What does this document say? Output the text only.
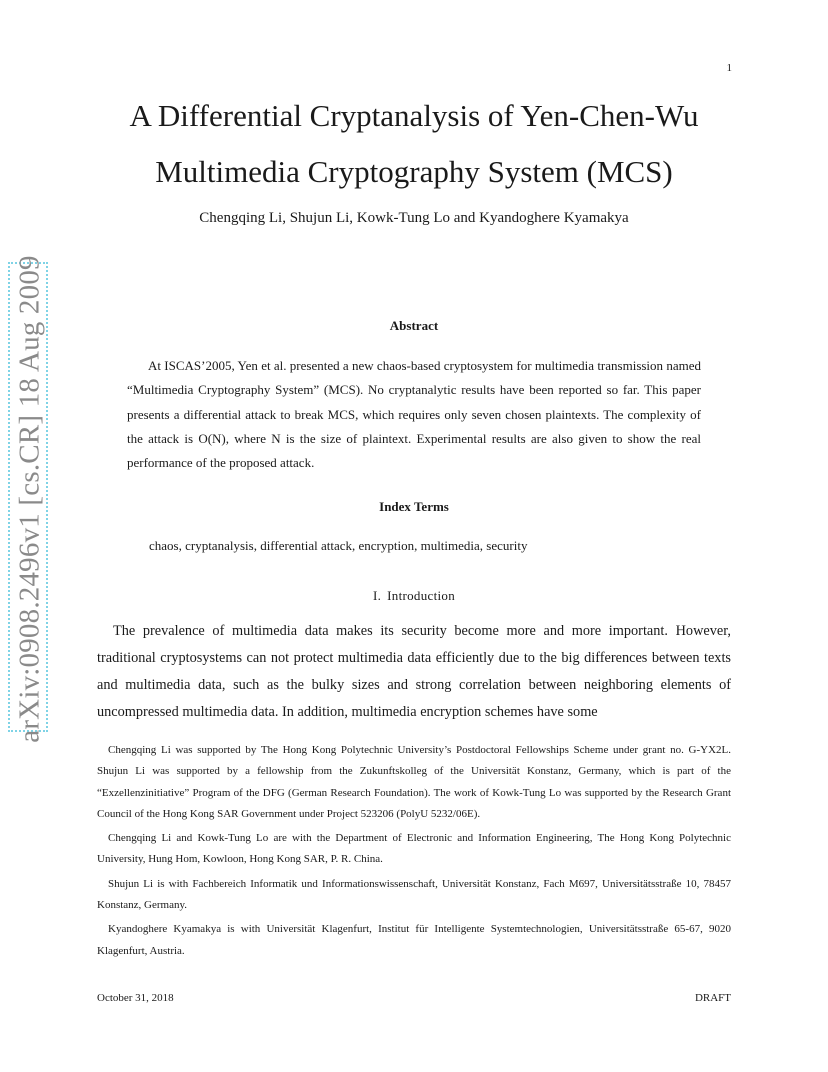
1
arXiv:0908.2496v1 [cs.CR] 18 Aug 2009
A Differential Cryptanalysis of Yen-Chen-Wu
Multimedia Cryptography System (MCS)
Chengqing Li, Shujun Li, Kowk-Tung Lo and Kyandoghere Kyamakya
Abstract

At ISCAS’2005, Yen et al. presented a new chaos-based cryptosystem for multimedia transmission named “Multimedia Cryptography System” (MCS). No cryptanalytic results have been reported so far. This paper presents a differential attack to break MCS, which requires only seven chosen plaintexts. The complexity of the attack is O(N), where N is the size of plaintext. Experimental results are also given to show the real performance of the proposed attack.

Index Terms
chaos, cryptanalysis, differential attack, encryption, multimedia, security
I. Introduction

The prevalence of multimedia data makes its security become more and more important. However, traditional cryptosystems can not protect multimedia data efficiently due to the big differences between texts and multimedia data, such as the bulky sizes and strong correlation between neighboring elements of uncompressed multimedia data. In addition, multimedia encryption schemes have some

Chengqing Li was supported by The Hong Kong Polytechnic University’s Postdoctoral Fellowships Scheme under grant no. G-YX2L. Shujun Li was supported by a fellowship from the Zukunftskolleg of the Universität Konstanz, Germany, which is part of the “Exzellenzinitiative” Program of the DFG (German Research Foundation). The work of Kowk-Tung Lo was supported by the Research Grant Council of the Hong Kong SAR Government under Project 523206 (PolyU 5232/06E).

Chengqing Li and Kowk-Tung Lo are with the Department of Electronic and Information Engineering, The Hong Kong Polytechnic University, Hung Hom, Kowloon, Hong Kong SAR, P. R. China.

Shujun Li is with Fachbereich Informatik und Informationswissenschaft, Universität Konstanz, Fach M697, Universitätsstraße 10, 78457 Konstanz, Germany.

Kyandoghere Kyamakya is with Universität Klagenfurt, Institut für Intelligente Systemtechnologien, Universitätsstraße 65-67, 9020 Klagenfurt, Austria.

October 31, 2018	DRAFT
